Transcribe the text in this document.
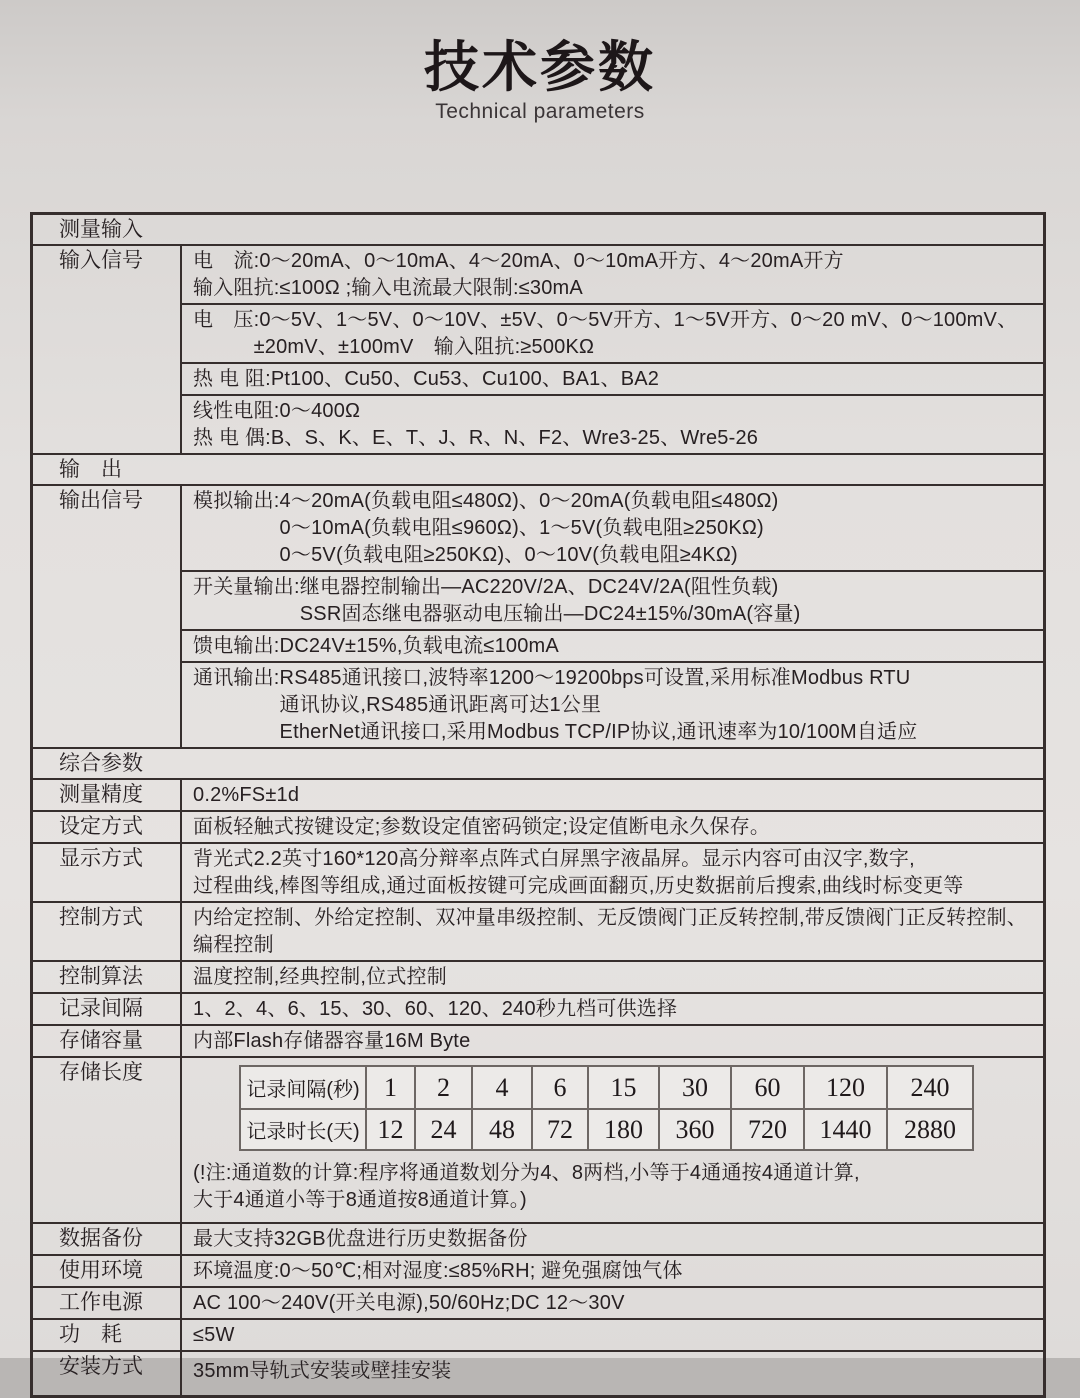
技术参数
Technical parameters
测量输入
输入信号	电　流:0～20mA、0～10mA、4～20mA、0～10mA开方、4～20mA开方
输入阻抗:≤100Ω ;输入电流最大限制:≤30mA
电　压:0～5V、1～5V、0～10V、±5V、0～5V开方、1～5V开方、0～20 mV、0～100mV、
　　　±20mV、±100mV　输入阻抗:≥500KΩ
热 电 阻:Pt100、Cu50、Cu53、Cu100、BA1、BA2
线性电阻:0～400Ω
热 电 偶:B、S、K、E、T、J、R、N、F2、Wre3-25、Wre5-26
输　出
输出信号	模拟输出:4～20mA(负载电阻≤480Ω)、0～20mA(负载电阻≤480Ω)
　　　　 0～10mA(负载电阻≤960Ω)、1～5V(负载电阻≥250KΩ)
　　　　 0～5V(负载电阻≥250KΩ)、0～10V(负载电阻≥4KΩ)
开关量输出:继电器控制输出—AC220V/2A、DC24V/2A(阻性负载)
　　　　　 SSR固态继电器驱动电压输出—DC24±15%/30mA(容量)
馈电输出:DC24V±15%,负载电流≤100mA
通讯输出:RS485通讯接口,波特率1200～19200bps可设置,采用标准Modbus RTU
　　　　 通讯协议,RS485通讯距离可达1公里
　　　　 EtherNet通讯接口,采用Modbus TCP/IP协议,通讯速率为10/100M自适应
综合参数
测量精度	0.2%FS±1d
设定方式	面板轻触式按键设定;参数设定值密码锁定;设定值断电永久保存。
显示方式	背光式2.2英寸160*120高分辩率点阵式白屏黑字液晶屏。显示内容可由汉字,数字,
过程曲线,棒图等组成,通过面板按键可完成画面翻页,历史数据前后搜索,曲线时标变更等
控制方式	内给定控制、外给定控制、双冲量串级控制、无反馈阀门正反转控制,带反馈阀门正反转控制、
编程控制
控制算法	温度控制,经典控制,位式控制
记录间隔	1、2、4、6、15、30、60、120、240秒九档可供选择
存储容量	内部Flash存储器容量16M Byte
存储长度
记录间隔(秒) 1	2	4	6	15	30	60	120	240
记录时长(天) 12	24	48	72	180	360	720	1440	2880
(!注:通道数的计算:程序将通道数划分为4、8两档,小等于4通通按4通道计算,
大于4通道小等于8通道按8通道计算。)
数据备份	最大支持32GB优盘进行历史数据备份
使用环境	环境温度:0～50℃;相对湿度:≤85%RH; 避免强腐蚀气体
工作电源	AC 100～240V(开关电源),50/60Hz;DC 12～30V
功　耗	≤5W
安装方式	35mm导轨式安装或壁挂安装
